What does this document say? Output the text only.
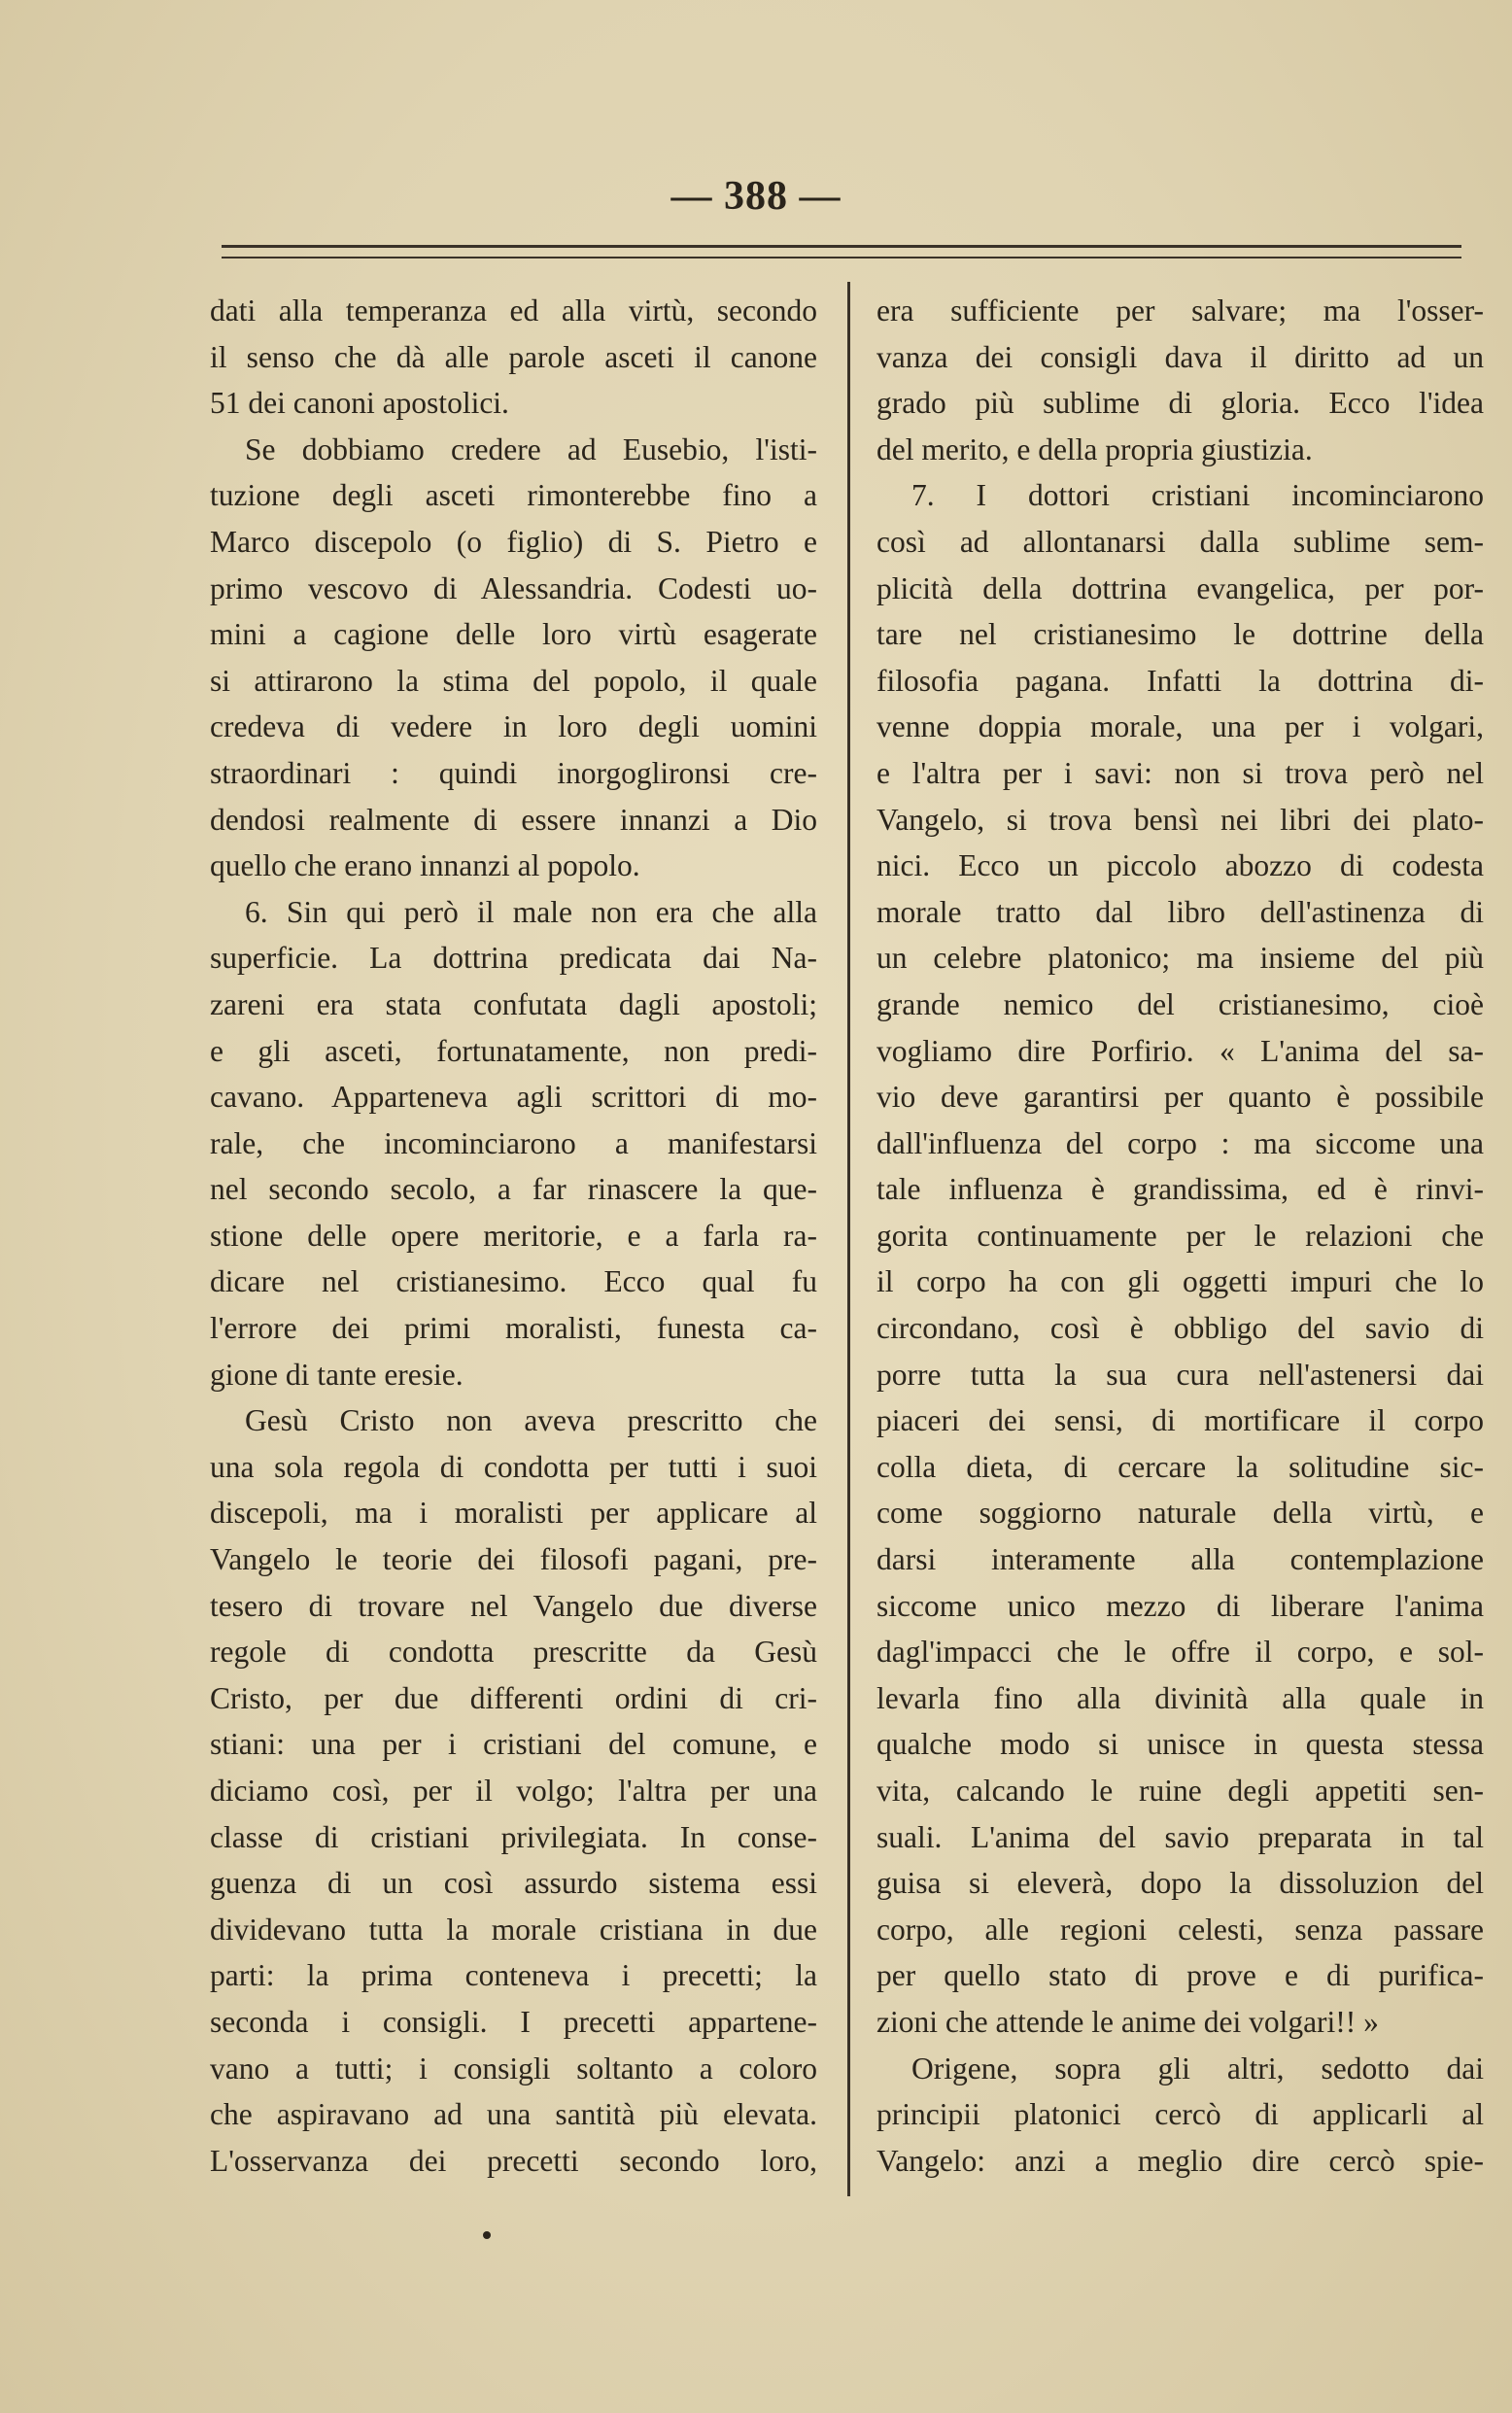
— 388 —
dati alla temperanza ed alla virtù, secondo
il senso che dà alle parole asceti il canone
51 dei canoni apostolici.
Se dobbiamo credere ad Eusebio, l'isti-
tuzione degli asceti rimonterebbe fino a
Marco discepolo (o figlio) di S. Pietro e
primo vescovo di Alessandria. Codesti uo-
mini a cagione delle loro virtù esagerate
si attirarono la stima del popolo, il quale
credeva di vedere in loro degli uomini
straordinari : quindi inorgoglironsi cre-
dendosi realmente di essere innanzi a Dio
quello che erano innanzi al popolo.
6. Sin qui però il male non era che alla
superficie. La dottrina predicata dai Na-
zareni era stata confutata dagli apostoli;
e gli asceti, fortunatamente, non predi-
cavano. Apparteneva agli scrittori di mo-
rale, che incominciarono a manifestarsi
nel secondo secolo, a far rinascere la que-
stione delle opere meritorie, e a farla ra-
dicare nel cristianesimo. Ecco qual fu
l'errore dei primi moralisti, funesta ca-
gione di tante eresie.
Gesù Cristo non aveva prescritto che
una sola regola di condotta per tutti i suoi
discepoli, ma i moralisti per applicare al
Vangelo le teorie dei filosofi pagani, pre-
tesero di trovare nel Vangelo due diverse
regole di condotta prescritte da Gesù
Cristo, per due differenti ordini di cri-
stiani: una per i cristiani del comune, e
diciamo così, per il volgo; l'altra per una
classe di cristiani privilegiata. In conse-
guenza di un così assurdo sistema essi
dividevano tutta la morale cristiana in due
parti: la prima conteneva i precetti; la
seconda i consigli. I precetti appartene-
vano a tutti; i consigli soltanto a coloro
che aspiravano ad una santità più elevata.
L'osservanza dei precetti secondo loro,
era sufficiente per salvare; ma l'osser-
vanza dei consigli dava il diritto ad un
grado più sublime di gloria. Ecco l'idea
del merito, e della propria giustizia.
7. I dottori cristiani incominciarono
così ad allontanarsi dalla sublime sem-
plicità della dottrina evangelica, per por-
tare nel cristianesimo le dottrine della
filosofia pagana. Infatti la dottrina di-
venne doppia morale, una per i volgari,
e l'altra per i savi: non si trova però nel
Vangelo, si trova bensì nei libri dei plato-
nici. Ecco un piccolo abozzo di codesta
morale tratto dal libro dell'astinenza di
un celebre platonico; ma insieme del più
grande nemico del cristianesimo, cioè
vogliamo dire Porfirio. « L'anima del sa-
vio deve garantirsi per quanto è possibile
dall'influenza del corpo : ma siccome una
tale influenza è grandissima, ed è rinvi-
gorita continuamente per le relazioni che
il corpo ha con gli oggetti impuri che lo
circondano, così è obbligo del savio di
porre tutta la sua cura nell'astenersi dai
piaceri dei sensi, di mortificare il corpo
colla dieta, di cercare la solitudine sic-
come soggiorno naturale della virtù, e
darsi interamente alla contemplazione
siccome unico mezzo di liberare l'anima
dagl'impacci che le offre il corpo, e sol-
levarla fino alla divinità alla quale in
qualche modo si unisce in questa stessa
vita, calcando le ruine degli appetiti sen-
suali. L'anima del savio preparata in tal
guisa si eleverà, dopo la dissoluzion del
corpo, alle regioni celesti, senza passare
per quello stato di prove e di purifica-
zioni che attende le anime dei volgari!! »
Origene, sopra gli altri, sedotto dai
principii platonici cercò di applicarli al
Vangelo: anzi a meglio dire cercò spie-
